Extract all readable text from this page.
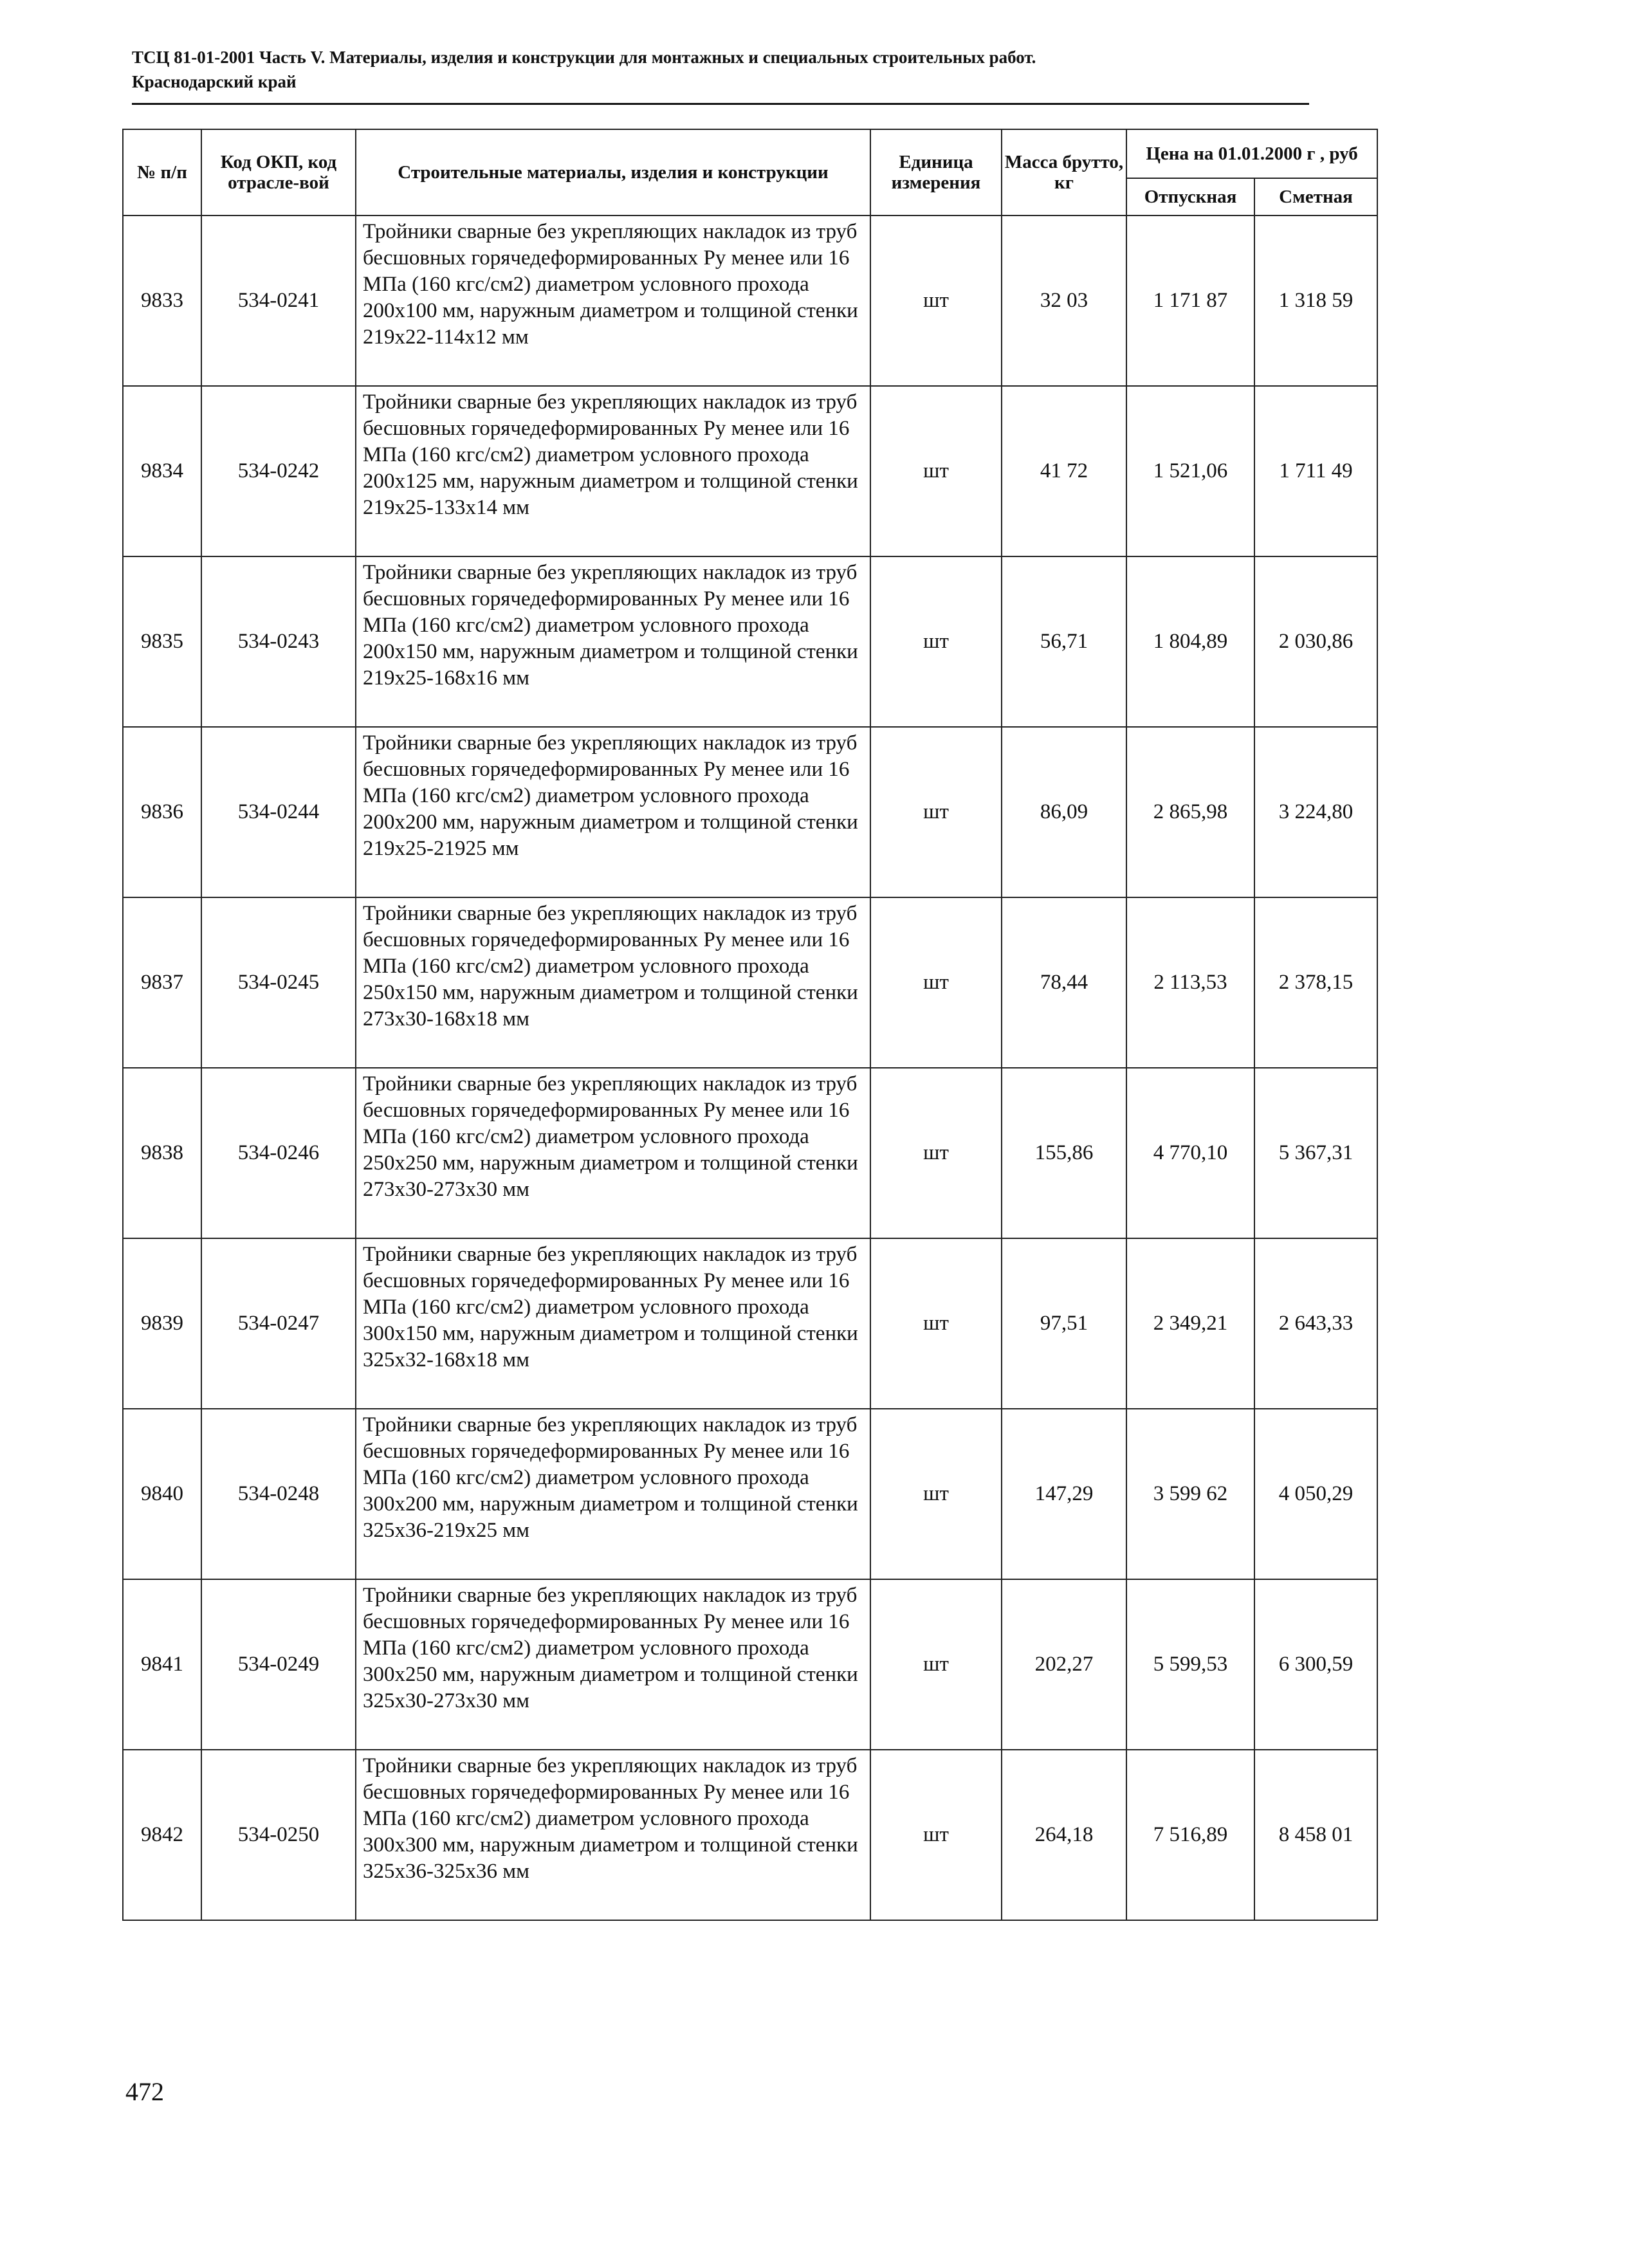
ТСЦ 81-01-2001 Часть V. Материалы, изделия и конструкции для монтажных и специальных строительных работ.
Краснодарский край
№ п/п	Код ОКП, код отрасле-вой	Строительные материалы, изделия и конструкции	Единица измерения	Масса брутто, кг	Цена на 01.01.2000 г , руб	
					Отпускная	Сметная
9833	534-0241	Тройники сварные без укрепляющих накладок из труб бесшовных горячедеформированных Ру менее или 16 МПа (160 кгс/см2) диаметром условного прохода 200х100 мм, наружным диаметром и толщиной стенки 219х22-114х12 мм	шт	32 03	1 171 87	1 318 59
9834	534-0242	Тройники сварные без укрепляющих накладок из труб бесшовных горячедеформированных Ру менее или 16 МПа (160 кгс/см2) диаметром условного прохода 200х125 мм, наружным диаметром и толщиной стенки 219х25-133х14 мм	шт	41 72	1 521,06	1 711 49
9835	534-0243	Тройники сварные без укрепляющих накладок из труб бесшовных горячедеформированных Ру менее или 16 МПа (160 кгс/см2) диаметром условного прохода 200х150 мм, наружным диаметром и толщиной стенки 219х25-168х16 мм	шт	56,71	1 804,89	2 030,86
9836	534-0244	Тройники сварные без укрепляющих накладок из труб бесшовных горячедеформированных Ру менее или 16 МПа (160 кгс/см2) диаметром условного прохода 200х200 мм, наружным диаметром и толщиной стенки 219х25-21925 мм	шт	86,09	2 865,98	3 224,80
9837	534-0245	Тройники сварные без укрепляющих накладок из труб бесшовных горячедеформированных Ру менее или 16 МПа (160 кгс/см2) диаметром условного прохода 250х150 мм, наружным диаметром и толщиной стенки 273х30-168х18 мм	шт	78,44	2 113,53	2 378,15
9838	534-0246	Тройники сварные без укрепляющих накладок из труб бесшовных горячедеформированных Ру менее или 16 МПа (160 кгс/см2) диаметром условного прохода 250х250 мм, наружным диаметром и толщиной стенки 273х30-273х30 мм	шт	155,86	4 770,10	5 367,31
9839	534-0247	Тройники сварные без укрепляющих накладок из труб бесшовных горячедеформированных Ру менее или 16 МПа (160 кгс/см2) диаметром условного прохода 300х150 мм, наружным диаметром и толщиной стенки 325х32-168х18 мм	шт	97,51	2 349,21	2 643,33
9840	534-0248	Тройники сварные без укрепляющих накладок из труб бесшовных горячедеформированных Ру менее или 16 МПа (160 кгс/см2) диаметром условного прохода 300х200 мм, наружным диаметром и толщиной стенки 325х36-219х25 мм	шт	147,29	3 599 62	4 050,29
9841	534-0249	Тройники сварные без укрепляющих накладок из труб бесшовных горячедеформированных Ру менее или 16 МПа (160 кгс/см2) диаметром условного прохода 300х250 мм, наружным диаметром и толщиной стенки 325х30-273х30 мм	шт	202,27	5 599,53	6 300,59
9842	534-0250	Тройники сварные без укрепляющих накладок из труб бесшовных горячедеформированных Ру менее или 16 МПа (160 кгс/см2) диаметром условного прохода 300х300 мм, наружным диаметром и толщиной стенки 325х36-325х36 мм	шт	264,18	7 516,89	8 458 01
472
